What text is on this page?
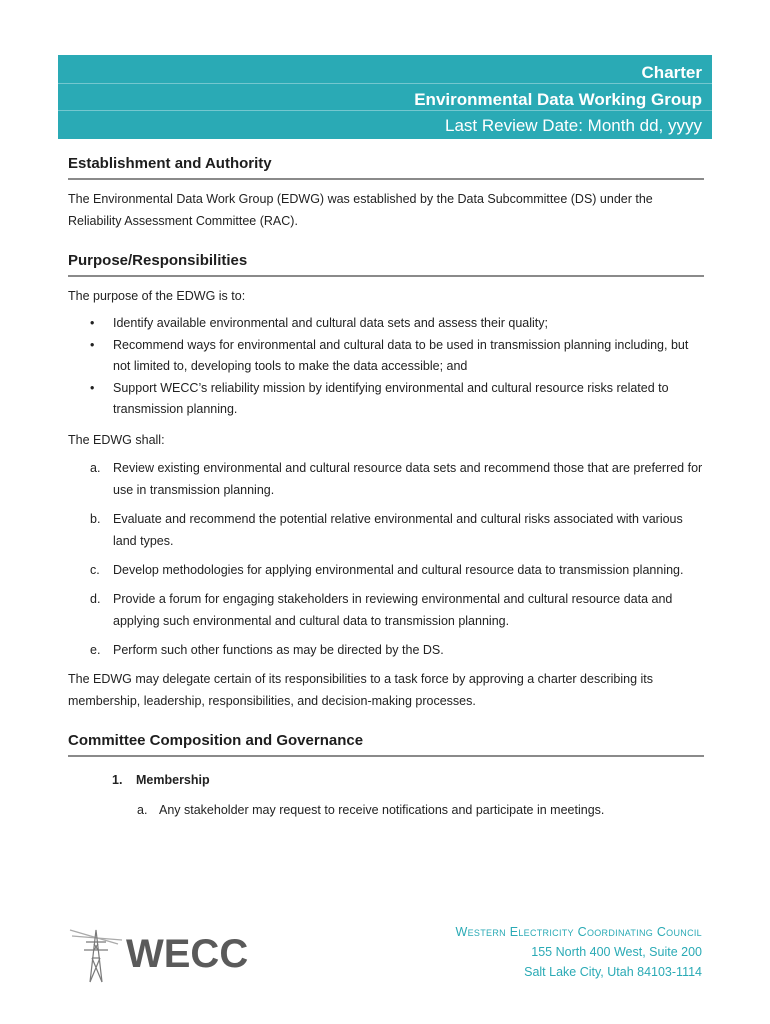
Charter
Environmental Data Working Group
Last Review Date: Month dd, yyyy
Establishment and Authority

The Environmental Data Work Group (EDWG) was established by the Data Subcommittee (DS) under the Reliability Assessment Committee (RAC).

Purpose/Responsibilities

The purpose of the EDWG is to:

• Identify available environmental and cultural data sets and assess their quality;
• Recommend ways for environmental and cultural data to be used in transmission planning including, but not limited to, developing tools to make the data accessible; and
• Support WECC’s reliability mission by identifying environmental and cultural resource risks related to transmission planning.

The EDWG shall:

a. Review existing environmental and cultural resource data sets and recommend those that are preferred for use in transmission planning.
b. Evaluate and recommend the potential relative environmental and cultural risks associated with various land types.
c. Develop methodologies for applying environmental and cultural resource data to transmission planning.
d. Provide a forum for engaging stakeholders in reviewing environmental and cultural resource data and applying such environmental and cultural data to transmission planning.
e. Perform such other functions as may be directed by the DS.

The EDWG may delegate certain of its responsibilities to a task force by approving a charter describing its membership, leadership, responsibilities, and decision-making processes.

Committee Composition and Governance
1. Membership
a. Any stakeholder may request to receive notifications and participate in meetings.
WECC	Western Electricity Coordinating Council
155 North 400 West, Suite 200
Salt Lake City, Utah 84103-1114
